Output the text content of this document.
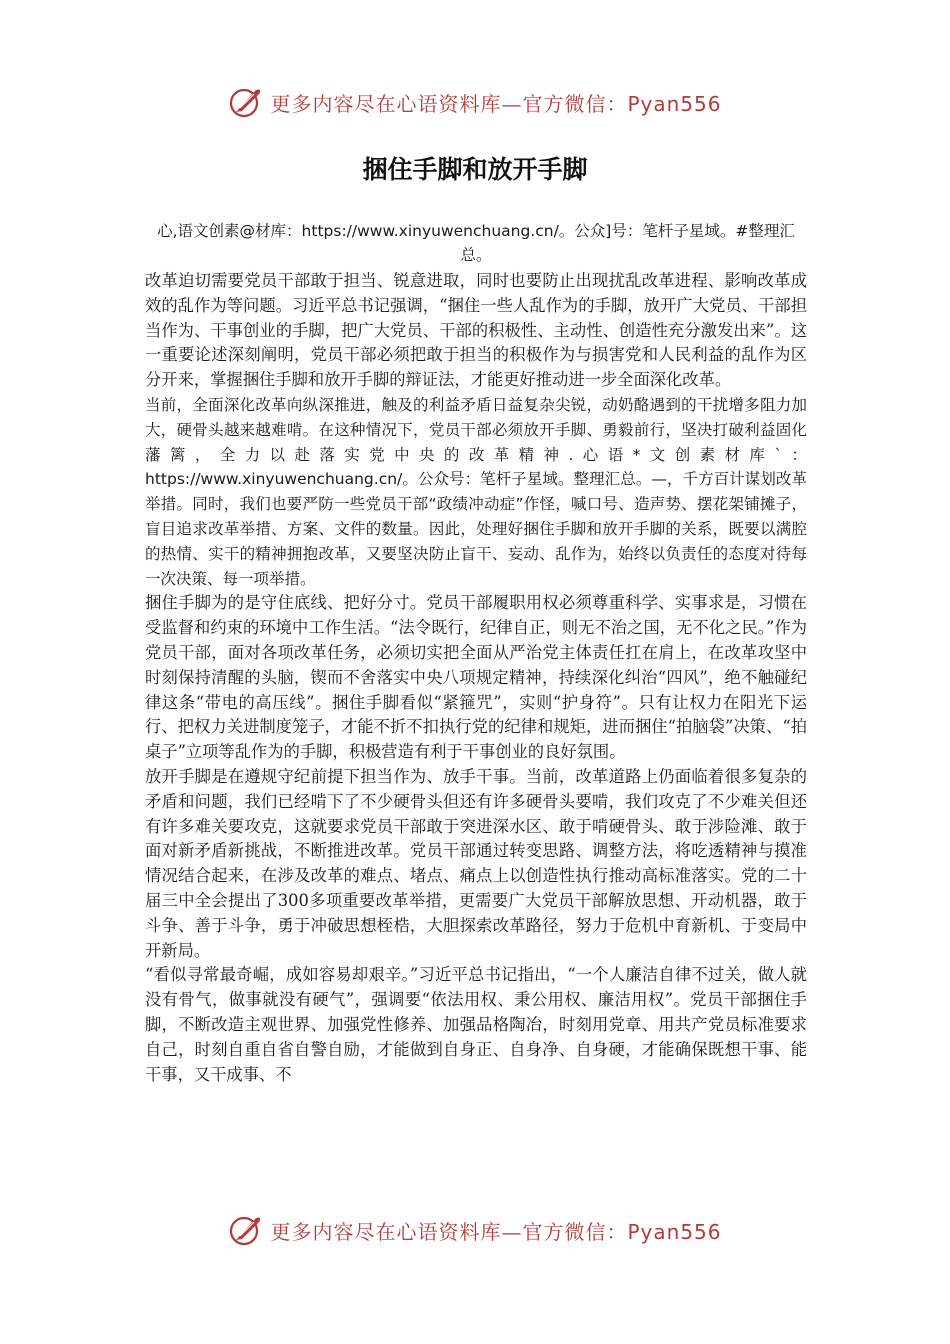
更多内容尽在心语资料库—官方微信：Pyan556
捆住手脚和放开手脚

心,语文创素@材库：https://www.xinyuwenchuang.cn/。公众]号：笔杆子星域。#整理汇总。

改革迫切需要党员干部敢于担当、锐意进取，同时也要防止出现扰乱改革进程、影响改革成效的乱作为等问题。习近平总书记强调，“捆住一些人乱作为的手脚，放开广大党员、干部担当作为、干事创业的手脚，把广大党员、干部的积极性、主动性、创造性充分激发出来”。这一重要论述深刻阐明，党员干部必须把敢于担当的积极作为与损害党和人民利益的乱作为区分开来，掌握捆住手脚和放开手脚的辩证法，才能更好推动进一步全面深化改革。

当前，全面深化改革向纵深推进，触及的利益矛盾日益复杂尖锐，动奶酪遇到的干扰增多阻力加大，硬骨头越来越难啃。在这种情况下，党员干部必须放开手脚、勇毅前行，坚决打破利益固化藩篱，全力以赴落实党中央的改革精神.心语*文创素材库`：https://www.xinyuwenchuang.cn/。公众号：笔杆子星域。整理汇总。—，千方百计谋划改革举措。同时，我们也要严防一些党员干部“政绩冲动症”作怪，喊口号、造声势、摆花架铺摊子，盲目追求改革举措、方案、文件的数量。因此，处理好捆住手脚和放开手脚的关系，既要以满腔的热情、实干的精神拥抱改革，又要坚决防止盲干、妄动、乱作为，始终以负责任的态度对待每一次决策、每一项举措。

捆住手脚为的是守住底线、把好分寸。党员干部履职用权必须尊重科学、实事求是，习惯在受监督和约束的环境中工作生活。“法令既行，纪律自正，则无不治之国，无不化之民。”作为党员干部，面对各项改革任务，必须切实把全面从严治党主体责任扛在肩上，在改革攻坚中时刻保持清醒的头脑，锲而不舍落实中央八项规定精神，持续深化纠治“四风”，绝不触碰纪律这条“带电的高压线”。捆住手脚看似“紧箍咒”，实则“护身符”。只有让权力在阳光下运行、把权力关进制度笼子，才能不折不扣执行党的纪律和规矩，进而捆住“拍脑袋”决策、“拍桌子”立项等乱作为的手脚，积极营造有利于干事创业的良好氛围。

放开手脚是在遵规守纪前提下担当作为、放手干事。当前，改革道路上仍面临着很多复杂的矛盾和问题，我们已经啃下了不少硬骨头但还有许多硬骨头要啃，我们攻克了不少难关但还有许多难关要攻克，这就要求党员干部敢于突进深水区、敢于啃硬骨头、敢于涉险滩、敢于面对新矛盾新挑战，不断推进改革。党员干部通过转变思路、调整方法，将吃透精神与摸准情况结合起来，在涉及改革的难点、堵点、痛点上以创造性执行推动高标准落实。党的二十届三中全会提出了300多项重要改革举措，更需要广大党员干部解放思想、开动机器，敢于斗争、善于斗争，勇于冲破思想桎梏，大胆探索改革路径，努力于危机中育新机、于变局中开新局。

“看似寻常最奇崛，成如容易却艰辛。”习近平总书记指出，“一个人廉洁自律不过关，做人就没有骨气，做事就没有硬气”，强调要“依法用权、秉公用权、廉洁用权”。党员干部捆住手脚，不断改造主观世界、加强党性修养、加强品格陶冶，时刻用党章、用共产党员标准要求自己，时刻自重自省自警自励，才能做到自身正、自身净、自身硬，才能确保既想干事、能干事，又干成事、不

更多内容尽在心语资料库—官方微信：Pyan556
